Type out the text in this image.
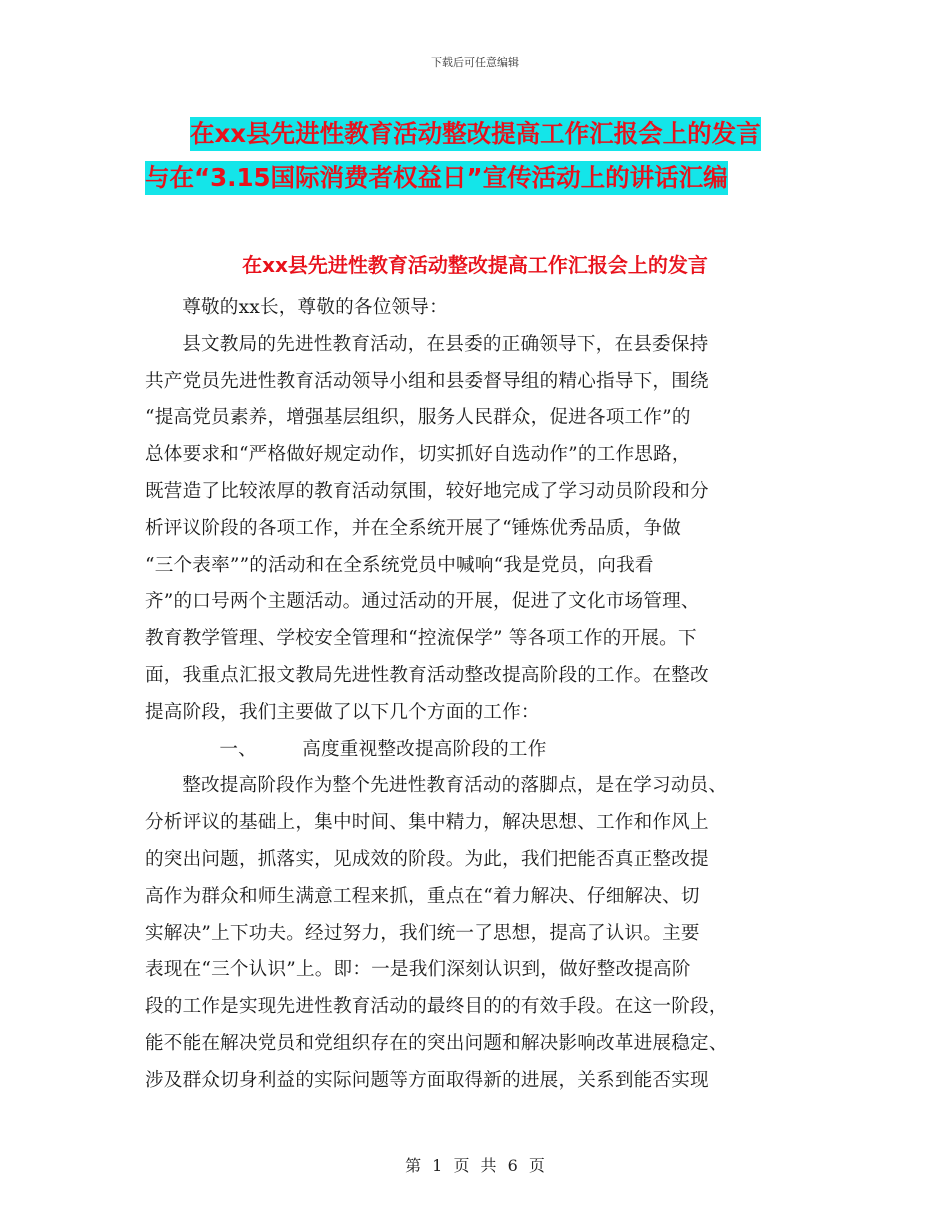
下载后可任意编辑
在xx县先进性教育活动整改提高工作汇报会上的发言
与在“3.15国际消费者权益日”宣传活动上的讲话汇编
在xx县先进性教育活动整改提高工作汇报会上的发言

尊敬的xx长，尊敬的各位领导：

县文教局的先进性教育活动，在县委的正确领导下，在县委保持

共产党员先进性教育活动领导小组和县委督导组的精心指导下，围绕

“提高党员素养，增强基层组织，服务人民群众，促进各项工作”的

总体要求和“严格做好规定动作，切实抓好自选动作”的工作思路，

既营造了比较浓厚的教育活动氛围，较好地完成了学习动员阶段和分

析评议阶段的各项工作，并在全系统开展了“锤炼优秀品质，争做

“三个表率””的活动和在全系统党员中喊响“我是党员，向我看

齐”的口号两个主题活动。通过活动的开展，促进了文化市场管理、

教育教学管理、学校安全管理和“控流保学” 等各项工作的开展。下

面，我重点汇报文教局先进性教育活动整改提高阶段的工作。在整改

提高阶段，我们主要做了以下几个方面的工作：

一、 高度重视整改提高阶段的工作

整改提高阶段作为整个先进性教育活动的落脚点，是在学习动员、

分析评议的基础上，集中时间、集中精力，解决思想、工作和作风上

的突出问题，抓落实，见成效的阶段。为此，我们把能否真正整改提

高作为群众和师生满意工程来抓，重点在“着力解决、仔细解决、切

实解决”上下功夫。经过努力，我们统一了思想，提高了认识。主要

表现在“三个认识”上。即：一是我们深刻认识到，做好整改提高阶

段的工作是实现先进性教育活动的最终目的的有效手段。在这一阶段，

能不能在解决党员和党组织存在的突出问题和解决影响改革进展稳定、

涉及群众切身利益的实际问题等方面取得新的进展，关系到能否实现

第 1 页 共 6 页
